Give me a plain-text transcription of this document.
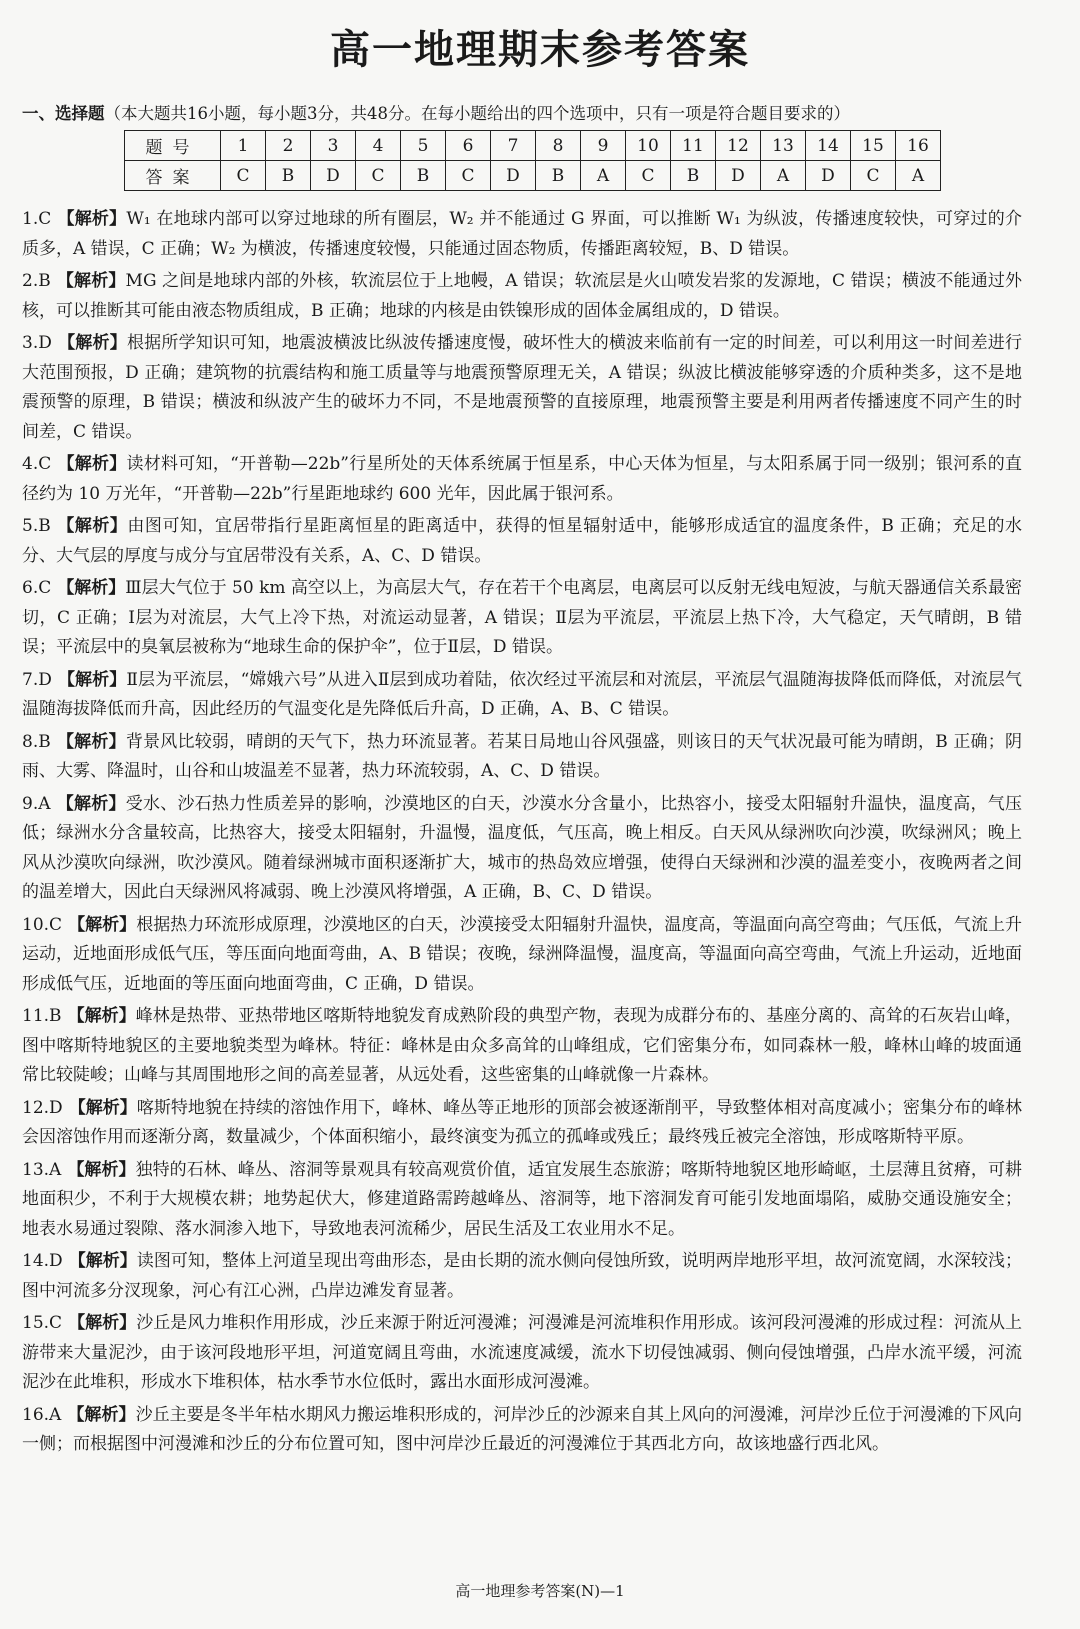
高一地理期末参考答案
一、选择题（本大题共16小题，每小题3分，共48分。在每小题给出的四个选项中，只有一项是符合题目要求的）
题号	1	2	3	4	5	6	7	8	9	10	11	12	13	14	15	16
答案	C	B	D	C	B	C	D	B	A	C	B	D	A	D	C	A
1.C 【解析】W₁ 在地球内部可以穿过地球的所有圈层，W₂ 并不能通过 G 界面，可以推断 W₁ 为纵波，传播速度较快，可穿过的介质多，A 错误，C 正确；W₂ 为横波，传播速度较慢，只能通过固态物质，传播距离较短，B、D 错误。
2.B 【解析】MG 之间是地球内部的外核，软流层位于上地幔，A 错误；软流层是火山喷发岩浆的发源地，C 错误；横波不能通过外核，可以推断其可能由液态物质组成，B 正确；地球的内核是由铁镍形成的固体金属组成的，D 错误。
3.D 【解析】根据所学知识可知，地震波横波比纵波传播速度慢，破坏性大的横波来临前有一定的时间差，可以利用这一时间差进行大范围预报，D 正确；建筑物的抗震结构和施工质量等与地震预警原理无关，A 错误；纵波比横波能够穿透的介质种类多，这不是地震预警的原理，B 错误；横波和纵波产生的破坏力不同，不是地震预警的直接原理，地震预警主要是利用两者传播速度不同产生的时间差，C 错误。
4.C 【解析】读材料可知，“开普勒—22b”行星所处的天体系统属于恒星系，中心天体为恒星，与太阳系属于同一级别；银河系的直径约为 10 万光年，“开普勒—22b”行星距地球约 600 光年，因此属于银河系。
5.B 【解析】由图可知，宜居带指行星距离恒星的距离适中，获得的恒星辐射适中，能够形成适宜的温度条件，B 正确；充足的水分、大气层的厚度与成分与宜居带没有关系，A、C、D 错误。
6.C 【解析】Ⅲ层大气位于 50 km 高空以上，为高层大气，存在若干个电离层，电离层可以反射无线电短波，与航天器通信关系最密切，C 正确；Ⅰ层为对流层，大气上冷下热，对流运动显著，A 错误；Ⅱ层为平流层，平流层上热下冷，大气稳定，天气晴朗，B 错误；平流层中的臭氧层被称为“地球生命的保护伞”，位于Ⅱ层，D 错误。
7.D 【解析】Ⅱ层为平流层，“嫦娥六号”从进入Ⅱ层到成功着陆，依次经过平流层和对流层，平流层气温随海拔降低而降低，对流层气温随海拔降低而升高，因此经历的气温变化是先降低后升高，D 正确，A、B、C 错误。
8.B 【解析】背景风比较弱，晴朗的天气下，热力环流显著。若某日局地山谷风强盛，则该日的天气状况最可能为晴朗，B 正确；阴雨、大雾、降温时，山谷和山坡温差不显著，热力环流较弱，A、C、D 错误。
9.A 【解析】受水、沙石热力性质差异的影响，沙漠地区的白天，沙漠水分含量小，比热容小，接受太阳辐射升温快，温度高，气压低；绿洲水分含量较高，比热容大，接受太阳辐射，升温慢，温度低，气压高，晚上相反。白天风从绿洲吹向沙漠，吹绿洲风；晚上风从沙漠吹向绿洲，吹沙漠风。随着绿洲城市面积逐渐扩大，城市的热岛效应增强，使得白天绿洲和沙漠的温差变小，夜晚两者之间的温差增大，因此白天绿洲风将减弱、晚上沙漠风将增强，A 正确，B、C、D 错误。
10.C 【解析】根据热力环流形成原理，沙漠地区的白天，沙漠接受太阳辐射升温快，温度高，等温面向高空弯曲；气压低，气流上升运动，近地面形成低气压，等压面向地面弯曲，A、B 错误；夜晚，绿洲降温慢，温度高，等温面向高空弯曲，气流上升运动，近地面形成低气压，近地面的等压面向地面弯曲，C 正确，D 错误。
11.B 【解析】峰林是热带、亚热带地区喀斯特地貌发育成熟阶段的典型产物，表现为成群分布的、基座分离的、高耸的石灰岩山峰，图中喀斯特地貌区的主要地貌类型为峰林。特征：峰林是由众多高耸的山峰组成，它们密集分布，如同森林一般，峰林山峰的坡面通常比较陡峻；山峰与其周围地形之间的高差显著，从远处看，这些密集的山峰就像一片森林。
12.D 【解析】喀斯特地貌在持续的溶蚀作用下，峰林、峰丛等正地形的顶部会被逐渐削平，导致整体相对高度减小；密集分布的峰林会因溶蚀作用而逐渐分离，数量减少，个体面积缩小，最终演变为孤立的孤峰或残丘；最终残丘被完全溶蚀，形成喀斯特平原。
13.A 【解析】独特的石林、峰丛、溶洞等景观具有较高观赏价值，适宜发展生态旅游；喀斯特地貌区地形崎岖，土层薄且贫瘠，可耕地面积少，不利于大规模农耕；地势起伏大，修建道路需跨越峰丛、溶洞等，地下溶洞发育可能引发地面塌陷，威胁交通设施安全；地表水易通过裂隙、落水洞渗入地下，导致地表河流稀少，居民生活及工农业用水不足。
14.D 【解析】读图可知，整体上河道呈现出弯曲形态，是由长期的流水侧向侵蚀所致，说明两岸地形平坦，故河流宽阔，水深较浅；图中河流多分汊现象，河心有江心洲，凸岸边滩发育显著。
15.C 【解析】沙丘是风力堆积作用形成，沙丘来源于附近河漫滩；河漫滩是河流堆积作用形成。该河段河漫滩的形成过程：河流从上游带来大量泥沙，由于该河段地形平坦，河道宽阔且弯曲，水流速度减缓，流水下切侵蚀减弱、侧向侵蚀增强，凸岸水流平缓，河流泥沙在此堆积，形成水下堆积体，枯水季节水位低时，露出水面形成河漫滩。
16.A 【解析】沙丘主要是冬半年枯水期风力搬运堆积形成的，河岸沙丘的沙源来自其上风向的河漫滩，河岸沙丘位于河漫滩的下风向一侧；而根据图中河漫滩和沙丘的分布位置可知，图中河岸沙丘最近的河漫滩位于其西北方向，故该地盛行西北风。
高一地理参考答案(N)—1
